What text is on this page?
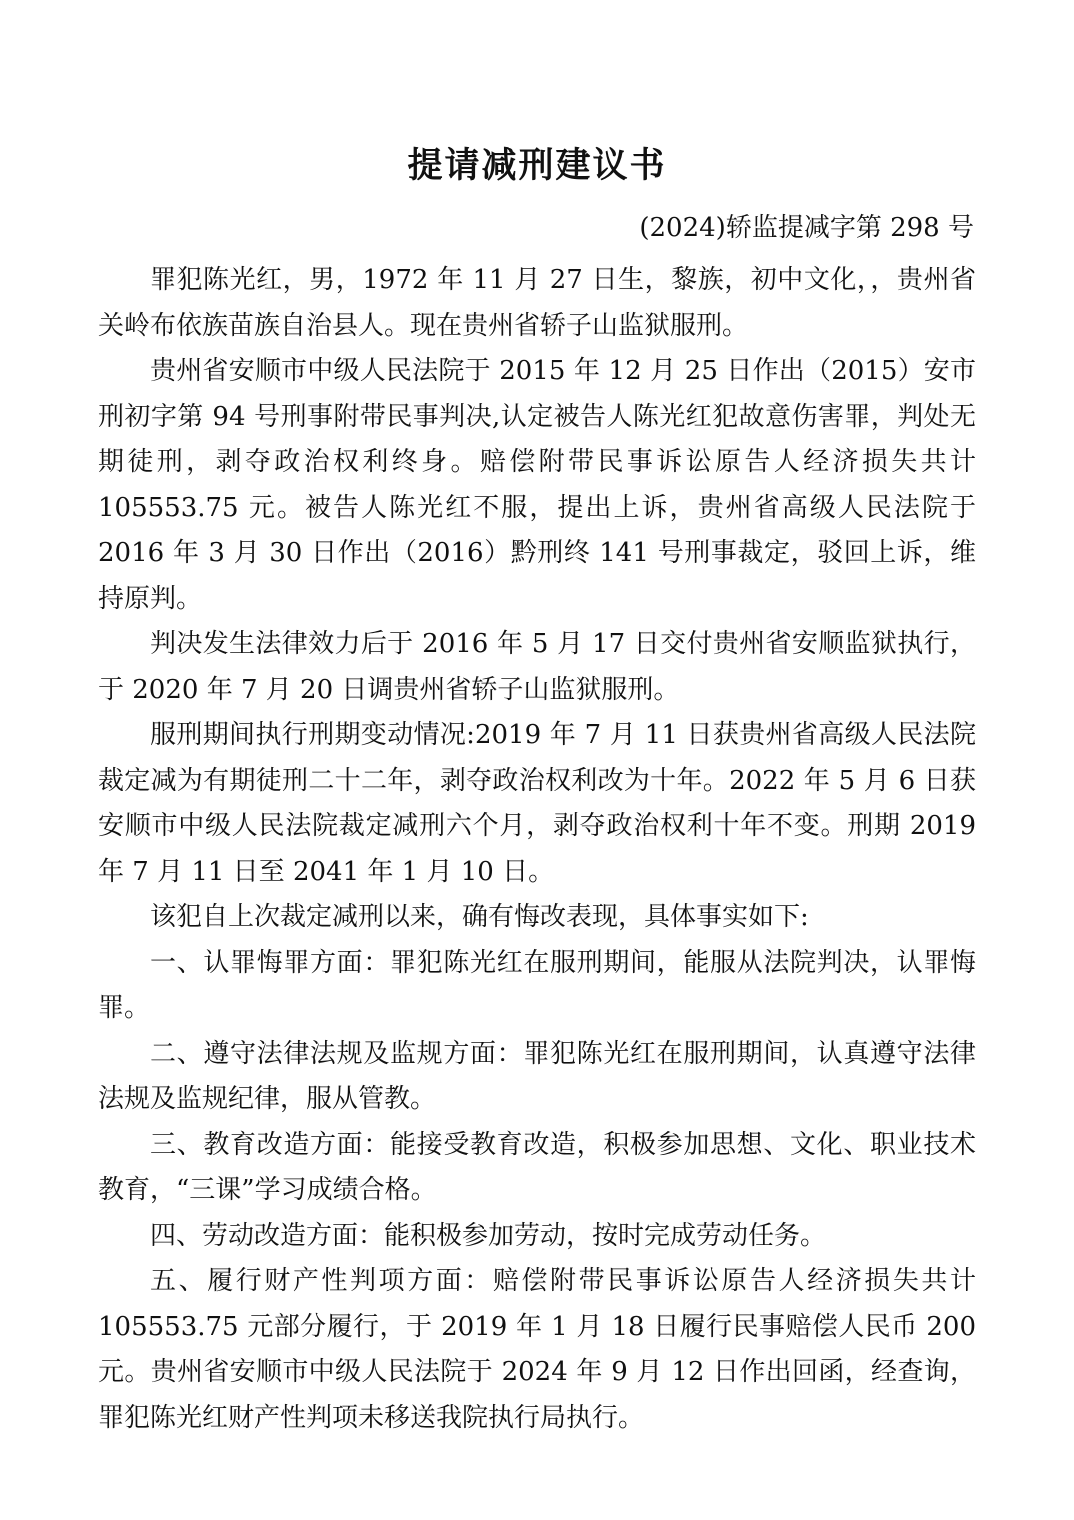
提请减刑建议书
(2024)轿监提减字第 298 号

罪犯陈光红，男，1972 年 11 月 27 日生，黎族，初中文化，，贵州省关岭布依族苗族自治县人。现在贵州省轿子山监狱服刑。

贵州省安顺市中级人民法院于 2015 年 12 月 25 日作出（2015）安市刑初字第 94 号刑事附带民事判决,认定被告人陈光红犯故意伤害罪，判处无期徒刑，剥夺政治权利终身。赔偿附带民事诉讼原告人经济损失共计 105553.75 元。被告人陈光红不服，提出上诉，贵州省高级人民法院于 2016 年 3 月 30 日作出（2016）黔刑终 141 号刑事裁定，驳回上诉，维持原判。

判决发生法律效力后于 2016 年 5 月 17 日交付贵州省安顺监狱执行，于 2020 年 7 月 20 日调贵州省轿子山监狱服刑。

服刑期间执行刑期变动情况:2019 年 7 月 11 日获贵州省高级人民法院裁定减为有期徒刑二十二年，剥夺政治权利改为十年。2022 年 5 月 6 日获安顺市中级人民法院裁定减刑六个月，剥夺政治权利十年不变。刑期 2019 年 7 月 11 日至 2041 年 1 月 10 日。

该犯自上次裁定减刑以来，确有悔改表现，具体事实如下:

一、认罪悔罪方面：罪犯陈光红在服刑期间，能服从法院判决，认罪悔罪。

二、遵守法律法规及监规方面：罪犯陈光红在服刑期间，认真遵守法律法规及监规纪律，服从管教。

三、教育改造方面：能接受教育改造，积极参加思想、文化、职业技术教育，“三课”学习成绩合格。

四、劳动改造方面：能积极参加劳动，按时完成劳动任务。

五、履行财产性判项方面：赔偿附带民事诉讼原告人经济损失共计 105553.75 元部分履行，于 2019 年 1 月 18 日履行民事赔偿人民币 200 元。贵州省安顺市中级人民法院于 2024 年 9 月 12 日作出回函，经查询，罪犯陈光红财产性判项未移送我院执行局执行。
